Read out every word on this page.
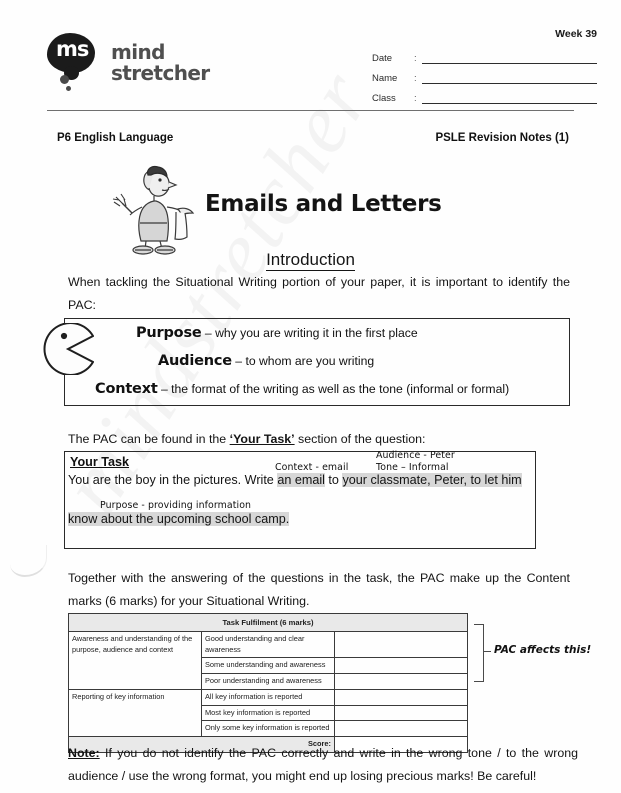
ms mind
stretcher
Week 39
Date	:
Name	:
Class	:
P6 English Language	PSLE Revision Notes (1)
Emails and Letters
Introduction
When tackling the Situational Writing portion of your paper, it is important to identify the PAC:
Purpose – why you are writing it in the first place
Audience – to whom are you writing
Context – the format of the writing as well as the tone (informal or formal)
The PAC can be found in the ‘Your Task’ section of the question:
Your Task
You are the boy in the pictures. Write an email to your classmate, Peter, to let him
know about the upcoming school camp.
Context - email
Audience - Peter
Tone – Informal
Purpose - providing information
Together with the answering of the questions in the task, the PAC make up the Content marks (6 marks) for your Situational Writing.
Task Fulfilment (6 marks)		
Awareness and understanding of the purpose, audience and context	Good understanding and clear awareness	
	Some understanding and awareness	
	Poor understanding and awareness	
Reporting of key information	All key information is reported	
	Most key information is reported	
	Only some key information is reported	
Score:		
PAC affects this!
Note: If you do not identify the PAC correctly and write in the wrong tone / to the wrong audience / use the wrong format, you might end up losing precious marks! Be careful!
